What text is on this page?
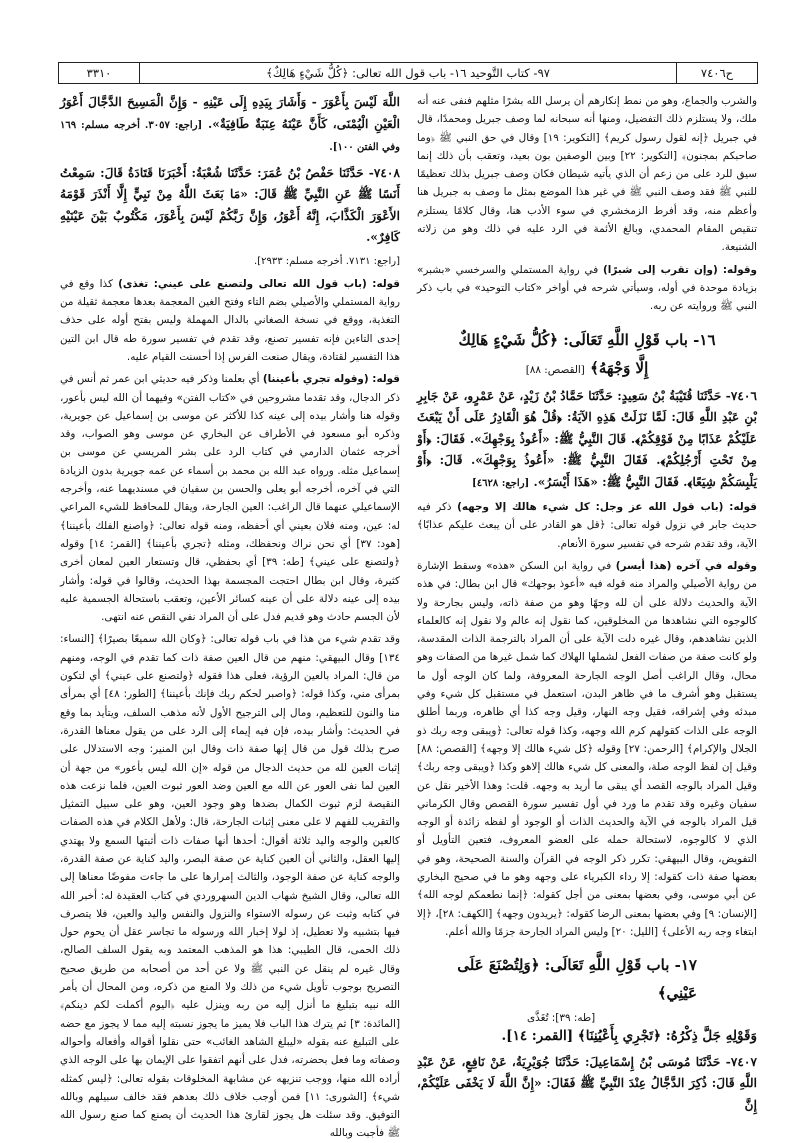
ح٧٤٠٦
٩٧- كتاب التَّوحيد ١٦- باب قول الله تعالى: ﴿كُلُّ شَيْءٍ هَالِكٌ﴾
٣٣١٠

والشرب والجماع، وهو من نمط إنكارهم أن يرسل الله بشرًا مثلهم فنفى عنه أنه ملك، ولا يستلزم ذلك التفضيل، ومنها أنه سبحانه لما وصف جبريل ومحمدًا، قال في جبريل ﴿إنه لقول رسول كريم﴾ [التكوير: ١٩] وقال في حق النبي ﷺ ﴿وما صاحبكم بمجنون﴾ [التكوير: ٢٢] وبين الوصفين بون بعيد، وتعقب بأن ذلك إنما سيق للرد على من زعم أن الذي يأتيه شيطان فكان وصف جبريل بذلك تعظيمًا للنبي ﷺ فقد وصف النبي ﷺ في غير هذا الموضع بمثل ما وصف به جبريل هنا وأعظم منه، وقد أفرط الزمخشري في سوء الأدب هنا، وقال كلامًا يستلزم تنقيص المقام المحمدي، وبالغ الأئمة في الرد عليه في ذلك وهو من زلاته الشنيعة.

وقوله: (وإن تقرب إلى شبرًا) في رواية المستملي والسرخسي «بشبر» بزيادة موحدة في أوله، وسيأتي شرحه في أواخر «كتاب التوحيد» في باب ذكر النبي ﷺ وروايته عن ربه.

١٦- باب قَوْلِ اللَّهِ تَعَالَى: ﴿كُلُّ شَيْءٍ هَالِكٌ
إِلَّا وَجْهَهُ﴾ [القصص: ٨٨]

٧٤٠٦- حَدَّثَنَا قُتَيْبَةُ بْنُ سَعِيدٍ: حَدَّثَنَا حَمَّادُ بْنُ زَيْدٍ، عَنْ عَمْرٍو، عَنْ جَابِرِ بْنِ عَبْدِ اللَّهِ قَالَ: لَمَّا نَزَلَتْ هَذِهِ الآيَةُ: ﴿قُلْ هُوَ الْقَادِرُ عَلَى أَنْ يَبْعَثَ عَلَيْكُمْ عَذَابًا مِنْ فَوْقِكُمْ﴾. قَالَ النَّبِيُّ ﷺ: «أَعُوذُ بِوَجْهِكَ». فَقَالَ: ﴿أَوْ مِنْ تَحْتِ أَرْجُلِكُمْ﴾. فَقَالَ النَّبِيُّ ﷺ: «أَعُوذُ بِوَجْهِكَ». قَالَ: ﴿أَوْ يَلْبِسَكُمْ شِيَعًا﴾. فَقَالَ النَّبِيُّ ﷺ: «هَذَا أَيْسَرُ». [راجع: ٤٦٢٨]

قوله: (باب قول الله عز وجل: كل شيء هالك إلا وجهه) ذكر فيه حديث جابر في نزول قوله تعالى: ﴿قل هو القادر على أن يبعث عليكم عذابًا﴾ الآية، وقد تقدم شرحه في تفسير سورة الأنعام.

وقوله في آخره (هذا أيسر) في رواية ابن السكن «هذه» وسقط الإشارة من رواية الأصيلي والمراد منه قوله فيه «أعوذ بوجهك» قال ابن بطال: في هذه الآية والحديث دلالة على أن لله وجهًا وهو من صفة ذاته، وليس بجارحة ولا كالوجوه التي نشاهدها من المخلوقين، كما نقول إنه عالم ولا نقول إنه كالعلماء الذين نشاهدهم، وقال غيره دلت الآية على أن المراد بالترجمة الذات المقدسة، ولو كانت صفة من صفات الفعل لشملها الهلاك كما شمل غيرها من الصفات وهو محال، وقال الراغب أصل الوجه الجارحة المعروفة، ولما كان الوجه أول ما يستقبل وهو أشرف ما في ظاهر البدن، استعمل في مستقبل كل شيء وفي مبدئه وفي إشراقه، فقيل وجه النهار، وقيل وجه كذا أي ظاهره، وربما أطلق الوجه على الذات كقولهم كرم الله وجهه، وكذا قوله تعالى: ﴿ويبقى وجه ربك ذو الجلال والإكرام﴾ [الرحمن: ٢٧] وقوله ﴿كل شيء هالك إلا وجهه﴾ [القصص: ٨٨] وقيل إن لفظ الوجه صلة، والمعنى كل شيء هالك إلاهو وكذا ﴿ويبقى وجه ربك﴾ وقيل المراد بالوجه القصد أي يبقى ما أريد به وجهه. قلت: وهذا الأخير نقل عن سفيان وغيره وقد تقدم ما ورد في أول تفسير سورة القصص وقال الكرماني قيل المراد بالوجه في الآية والحديث الذات أو الوجود أو لفظه زائدة أو الوجه الذي لا كالوجوه، لاستحالة حمله على العضو المعروف، فتعين التأويل أو التفويض، وقال البيهقي: تكرر ذكر الوجه في القرآن والسنة الصحيحة، وهو في بعضها صفة ذات كقوله: إلا رداء الكبرياء على وجهه وهو ما في صحيح البخاري عن أبي موسى، وفي بعضها بمعنى من أجل كقوله: ﴿إنما نطعمكم لوجه الله﴾ [الإنسان: ٩] وفي بعضها بمعنى الرضا كقوله: ﴿يريدون وجهه﴾ [الكهف: ٢٨]، ﴿إلا ابتغاء وجه ربه الأعلى﴾ [الليل: ٢٠] وليس المراد الجارحة جزمًا والله أعلم.

١٧- باب قَوْلِ اللَّهِ تَعَالَى: ﴿وَلِتُصْنَعَ عَلَى عَيْنِي﴾
[طه: ٣٩]: تُغَذَّى
وَقَوْلِهِ جَلَّ ذِكْرُهُ: ﴿تَجْرِي بِأَعْيُنِنَا﴾ [القمر: ١٤].

٧٤٠٧- حَدَّثَنَا مُوسَى بْنُ إِسْمَاعِيلَ: حَدَّثَنَا جُوَيْرِيَةُ، عَنْ نَافِعٍ، عَنْ عَبْدِ اللَّهِ قَالَ: ذُكِرَ الدَّجَّالُ عِنْدَ النَّبِيِّ ﷺ فَقَالَ: «إِنَّ اللَّهَ لَا يَخْفَى عَلَيْكُمْ، إِنَّ

اللَّهَ لَيْسَ بِأَعْوَرَ - وَأَشَارَ بِيَدِهِ إِلَى عَيْنِهِ - وَإِنَّ الْمَسِيحَ الدَّجَّالَ أَعْوَرُ الْعَيْنِ الْيُمْنَى، كَأَنَّ عَيْنَهُ عِنَبَةٌ طَافِيَةٌ». [راجع: ٣٠٥٧. أخرجه مسلم: ١٦٩ وفي الفتن ١٠٠].

٧٤٠٨- حَدَّثَنَا حَفْصُ بْنُ عُمَرَ: حَدَّثَنَا شُعْبَةُ: أَخْبَرَنَا قَتَادَةُ قَالَ: سَمِعْتُ أَنَسًا ﷺ عَنِ النَّبِيِّ ﷺ قَالَ: «مَا بَعَثَ اللَّهُ مِنْ نَبِيٍّ إِلَّا أَنْذَرَ قَوْمَهُ الأَعْوَرَ الْكَذَّابَ، إِنَّهُ أَعْوَرُ، وَإِنَّ رَبَّكُمْ لَيْسَ بِأَعْوَرَ، مَكْتُوبٌ بَيْنَ عَيْنَيْهِ كَافِرٌ».

[راجع: ٧١٣١. أخرجه مسلم: ٢٩٣٣].

قوله: (باب قول الله تعالى ولتصنع على عيني: تغذى) كذا وقع في رواية المستملي والأصيلي بضم التاء وفتح الغين المعجمة بعدها معجمة ثقيلة من التغذية، ووقع في نسخة الصغاني بالدال المهملة وليس بفتح أوله على حذف إحدى التاءين فإنه تفسير تصنع، وقد تقدم في تفسير سورة طه قال ابن التين هذا التفسير لقتادة، ويقال صنعت الفرس إذا أحسنت القيام عليه.

قوله: (وقوله تجري بأعيننا) أي بعلمنا وذكر فيه حديثي ابن عمر ثم أنس في ذكر الدجال، وقد تقدما مشروحين في «كتاب الفتن» وفيهما أن الله ليس بأعور، وقوله هنا وأشار بيده إلى عينه كذا للأكثر عن موسى بن إسماعيل عن جويرية، وذكره أبو مسعود في الأطراف عن البخاري عن موسى وهو الصواب، وقد أخرجه عثمان الدارمي في كتاب الرد على بشر المريسي عن موسى بن إسماعيل مثله. ورواه عبد الله بن محمد بن أسماء عن عمه جويرية بدون الزيادة التي في آخره، أخرجه أبو يعلى والحسن بن سفيان في مسنديهما عنه، وأخرجه الإسماعيلي عنهما قال الراغب: العين الجارحة، ويقال للمحافظ للشيء المراعي له: عين، ومنه فلان بعيني أي أحفظه، ومنه قوله تعالى: ﴿واصنع الفلك بأعيننا﴾ [هود: ٣٧] أي نحن نراك ونحفظك، ومثله ﴿تجري بأعيننا﴾ [القمر: ١٤] وقوله ﴿ولتصنع على عيني﴾ [طه: ٣٩] أي بحفظي، قال وتستعار العين لمعان أخرى كثيرة، وقال ابن بطال احتجت المجسمة بهذا الحديث، وقالوا في قوله: وأشار بيده إلى عينه دلالة على أن عينه كسائر الأعين، وتعقب باستحالة الجسمية عليه لأن الجسم حادث وهو قديم فدل على أن المراد نفي النقص عنه انتهى.

وقد تقدم شيء من هذا في باب قوله تعالى: ﴿وكان الله سميعًا بصيرًا﴾ [النساء: ١٣٤] وقال البيهقي: منهم من قال العين صفة ذات كما تقدم في الوجه، ومنهم من قال: المراد بالعين الرؤية، فعلى هذا فقوله ﴿ولتصنع على عيني﴾ أي لتكون بمرأى مني، وكذا قوله: ﴿واصبر لحكم ربك فإنك بأعيننا﴾ [الطور: ٤٨] أي بمرأى منا والنون للتعظيم، ومال إلى الترجيح الأول لأنه مذهب السلف، ويتأيد بما وقع في الحديث: وأشار بيده، فإن فيه إيماء إلى الرد على من يقول معناها القدرة، صرح بذلك قول من قال إنها صفة ذات وقال ابن المنير: وجه الاستدلال على إثبات العين لله من حديث الدجال من قوله «إن الله ليس بأعور» من جهة أن العين لما نفى العور عن الله مع العين وضد العور ثبوت العين، فلما نزعت هذه النقيصة لزم ثبوت الكمال بضدها وهو وجود العين، وهو على سبيل التمثيل والتقريب للفهم لا على معنى إثبات الجارحة، قال: ولأهل الكلام في هذه الصفات كالعين والوجه واليد ثلاثة أقوال: أحدها أنها صفات ذات أثبتها السمع ولا يهتدي إليها العقل، والثاني أن العين كناية عن صفة البصر، واليد كناية عن صفة القدرة، والوجه كناية عن صفة الوجود، والثالث إمرارها على ما جاءت مفوضًا معناها إلى الله تعالى، وقال الشيخ شهاب الدين السهروردي في كتاب العقيدة له: أخبر الله في كتابه وثبت عن رسوله الاستواء والنزول والنفس واليد والعين، فلا يتصرف فيها بتشبيه ولا تعطيل، إذ لولا إخبار الله ورسوله ما تجاسر عقل أن يحوم حول ذلك الحمى، قال الطيبي: هذا هو المذهب المعتمد وبه يقول السلف الصالح، وقال غيره لم ينقل عن النبي ﷺ ولا عن أحد من أصحابه من طريق صحيح التصريح بوجوب تأويل شيء من ذلك ولا المنع من ذكره، ومن المحال أن يأمر الله نبيه بتبليغ ما أنزل إليه من ربه وينزل عليه ﴿اليوم أكملت لكم دينكم﴾ [المائدة: ٣] ثم يترك هذا الباب فلا يميز ما يجوز نسبته إليه مما لا يجوز مع حضه على التبليغ عنه بقوله «ليبلغ الشاهد الغائب» حتى نقلوا أقواله وأفعاله وأحواله وصفاته وما فعل بحضرته، فدل على أنهم اتفقوا على الإيمان بها على الوجه الذي أراده الله منها، ووجب تنزيهه عن مشابهة المخلوقات بقوله تعالى: ﴿ليس كمثله شيء﴾ [الشورى: ١١] فمن أوجب خلاف ذلك بعدهم فقد خالف سبيلهم وبالله التوفيق. وقد سئلت هل يجوز لقارئ هذا الحديث أن يصنع كما صنع رسول الله ﷺ فأجبت وبالله
